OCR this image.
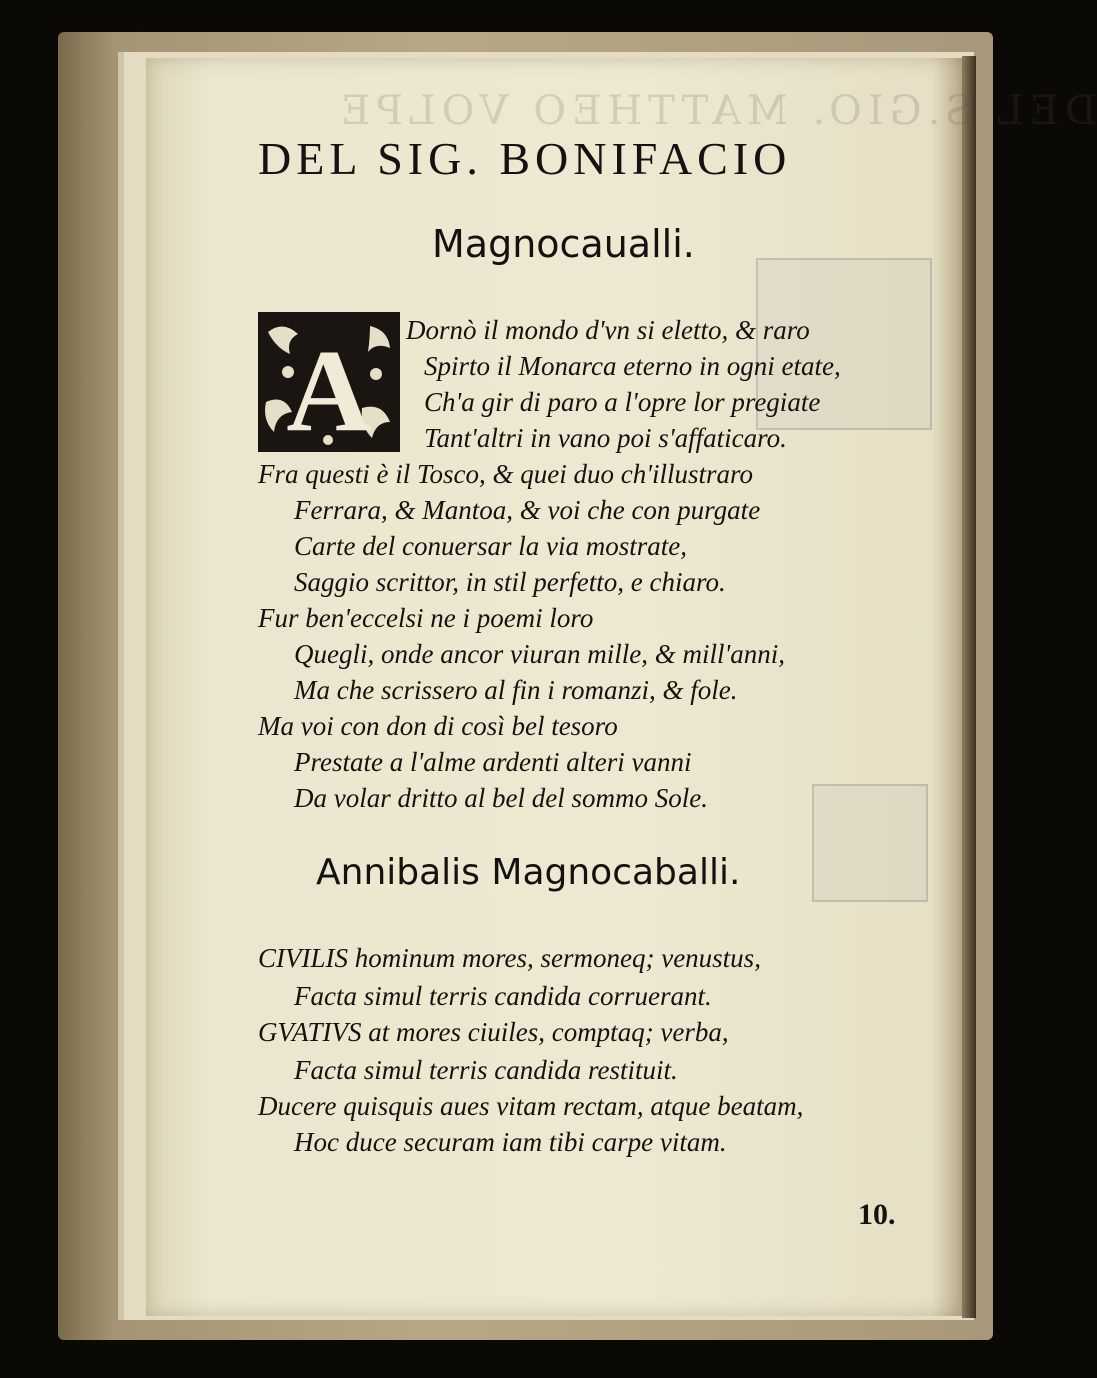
DEL S.GIO. MATTHEO VOLPE
DEL SIG. BONIFACIO
Magnocaualli.
A Dornò il mondo d'vn si eletto, & raro
Spirto il Monarca eterno in ogni etate,
Ch'a gir di paro a l'opre lor pregiate
Tant'altri in vano poi s'affaticaro.
Fra questi è il Tosco, & quei duo ch'illustraro
Ferrara, & Mantoa, & voi che con purgate
Carte del conuersar la via mostrate,
Saggio scrittor, in stil perfetto, e chiaro.
Fur ben'eccelsi ne i poemi loro
Quegli, onde ancor viuran mille, & mill'anni,
Ma che scrissero al fin i romanzi, & fole.
Ma voi con don di così bel tesoro
Prestate a l'alme ardenti alteri vanni
Da volar dritto al bel del sommo Sole.
Annibalis Magnocaballi.
CIVILIS hominum mores, sermoneq; venustus,
Facta simul terris candida corruerant.
GVATIVS at mores ciuiles, comptaq; verba,
Facta simul terris candida restituit.
Ducere quisquis aues vitam rectam, atque beatam,
Hoc duce securam iam tibi carpe vitam.
10.
